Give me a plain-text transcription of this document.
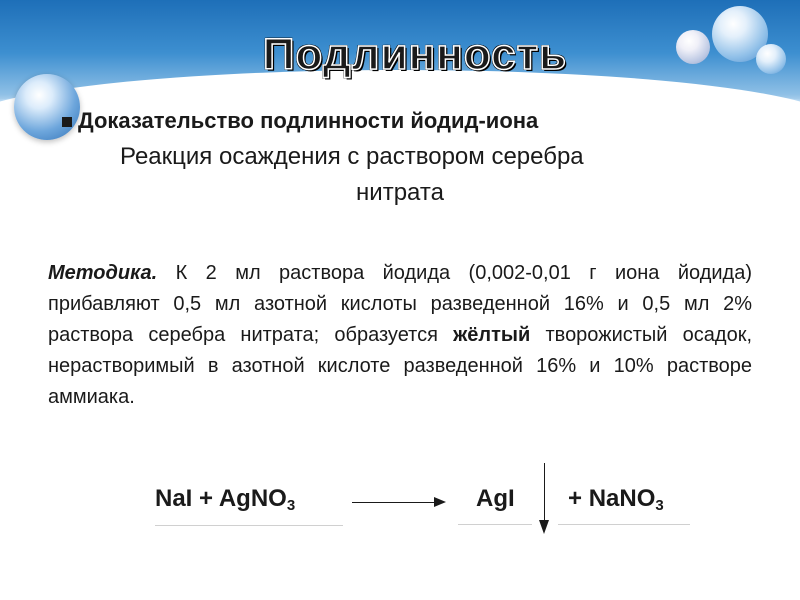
Подлинность
Доказательство подлинности йодид-иона
Реакция осаждения с раствором серебра
нитрата
Методика. К 2 мл раствора йодида (0,002-0,01 г иона йодида) прибавляют 0,5 мл азотной кислоты разведенной 16% и 0,5 мл 2% раствора серебра нитрата; образуется жёлтый творожистый осадок, нерастворимый в азотной кислоте разведенной 16% и 10% растворе аммиака.
NaI + AgNO$_3$	AgI	+ NaNO$_3$
